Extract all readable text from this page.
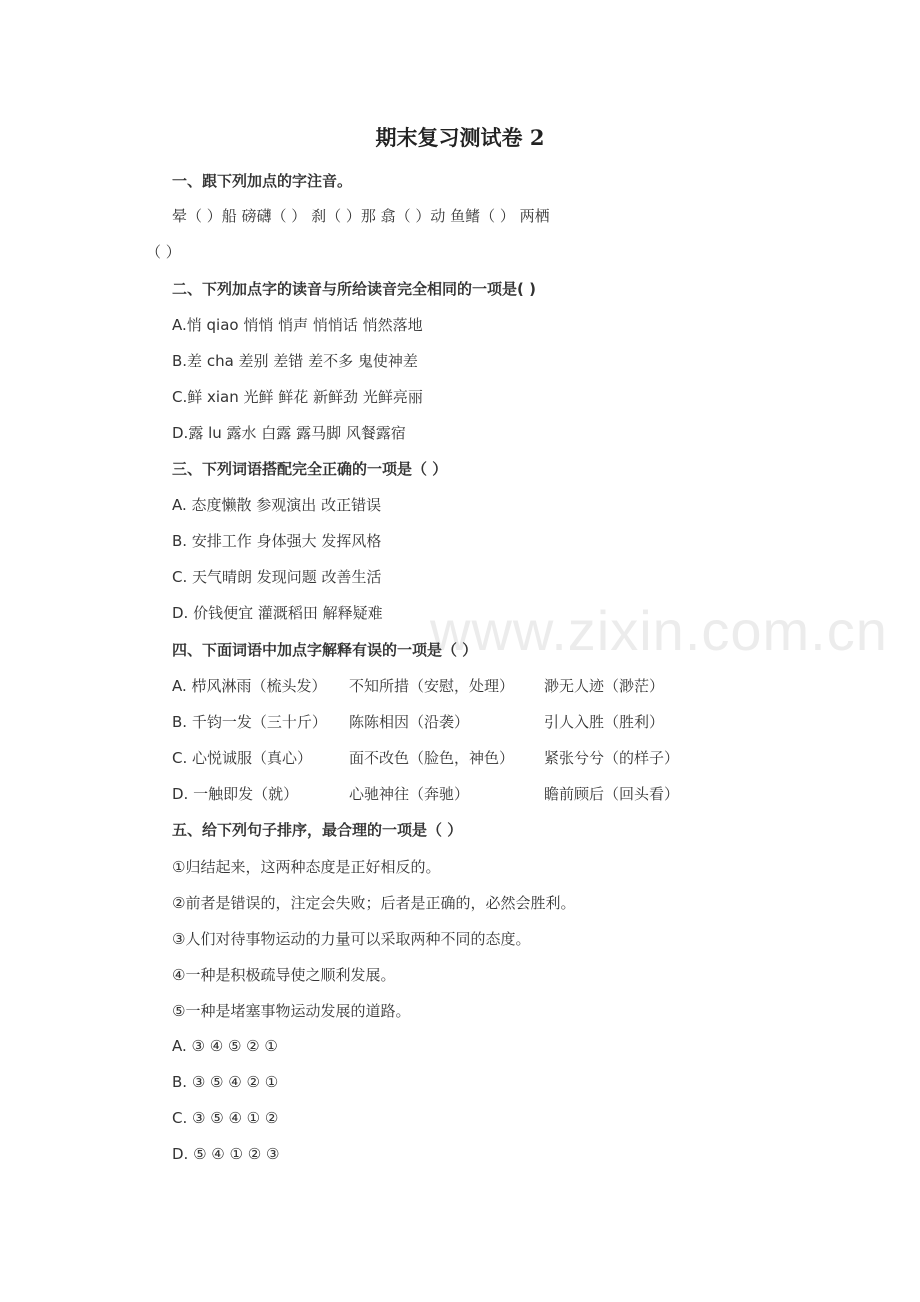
www.zixin.com.cn
期末复习测试卷 2
一、跟下列加点的字注音。
晕（ ）船 磅礴（ ） 刹（ ）那 翕（ ）动 鱼鳍（ ） 两栖
（ ）
二、下列加点字的读音与所给读音完全相同的一项是( )
A.悄 qiao 悄悄 悄声 悄悄话 悄然落地
B.差 cha 差别 差错 差不多 鬼使神差
C.鲜 xian 光鲜 鲜花 新鲜劲 光鲜亮丽
D.露 lu 露水 白露 露马脚 风餐露宿
三、下列词语搭配完全正确的一项是（ ）
A. 态度懒散 参观演出 改正错误
B. 安排工作 身体强大 发挥风格
C. 天气晴朗 发现问题 改善生活
D. 价钱便宜 灌溉稻田 解释疑难
四、下面词语中加点字解释有误的一项是（ ）
A. 栉风淋雨（梳头发） 不知所措（安慰，处理） 渺无人迹（渺茫）
B. 千钧一发（三十斤） 陈陈相因（沿袭）	引人入胜（胜利）
C. 心悦诚服（真心） 面不改色（脸色，神色） 紧张兮兮（的样子）
D. 一触即发（就）	心驰神往（奔驰）	瞻前顾后（回头看）
五、给下列句子排序，最合理的一项是（ ）
①归结起来，这两种态度是正好相反的。
②前者是错误的，注定会失败；后者是正确的，必然会胜利。
③人们对待事物运动的力量可以采取两种不同的态度。
④一种是积极疏导使之顺利发展。
⑤一种是堵塞事物运动发展的道路。
A. ③ ④ ⑤ ② ①
B. ③ ⑤ ④ ② ①
C. ③ ⑤ ④ ① ②
D. ⑤ ④ ① ② ③
